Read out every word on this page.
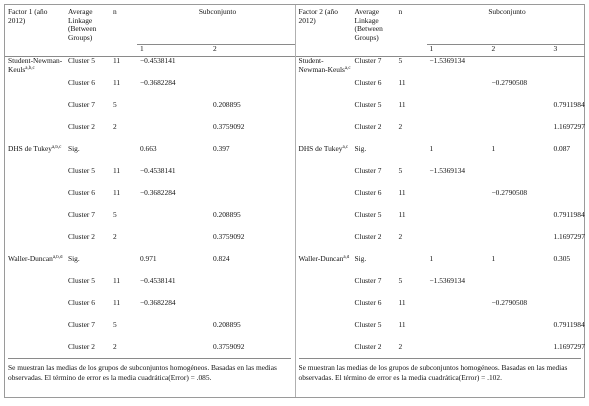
Factor 1 (año 2012)	Average Linkage (Between Groups)	n	Subconjunto	
			1	2
Student-Newman-Keuls$^{a,b,c}$	Cluster 5	11	−0.4538141	
	Cluster 6	11	−0.3682284	
	Cluster 7	5		0.208895
	Cluster 2	2		0.3759092
DHS de Tukey$^{a,b,c}$	Sig.		0.663	0.397
	Cluster 5	11	−0.4538141	
	Cluster 6	11	−0.3682284	
	Cluster 7	5		0.208895
	Cluster 2	2		0.3759092
Waller-Duncan$^{a,b,d}$	Sig.		0.971	0.824
	Cluster 5	11	−0.4538141	
	Cluster 6	11	−0.3682284	
	Cluster 7	5		0.208895
	Cluster 2	2		0.3759092
Se muestran las medias de los grupos de subconjuntos homogéneos. Basadas en las medias observadas. El término de error es la media cuadrática(Error) = .085.
Factor 2 (año 2012)	Average Linkage (Between Groups)	n	Subconjunto		
			1	2	3
Student-Newman-Keuls$^{a,c}$	Cluster 7	5	−1.5369134		
	Cluster 6	11		−0.2790508	
	Cluster 5	11			0.7911984
	Cluster 2	2			1.1697297
DHS de Tukey$^{a,c}$	Sig.		1	1	0.087
	Cluster 7	5	−1.5369134		
	Cluster 6	11		−0.2790508	
	Cluster 5	11			0.7911984
	Cluster 2	2			1.1697297
Waller-Duncan$^{a,d}$	Sig.		1	1	0.305
	Cluster 7	5	−1.5369134		
	Cluster 6	11		−0.2790508	
	Cluster 5	11			0.7911984
	Cluster 2	2			1.1697297
Se muestran las medias de los grupos de subconjuntos homogéneos. Basadas en las medias observadas. El término de error es la media cuadrática(Error) = .102.
